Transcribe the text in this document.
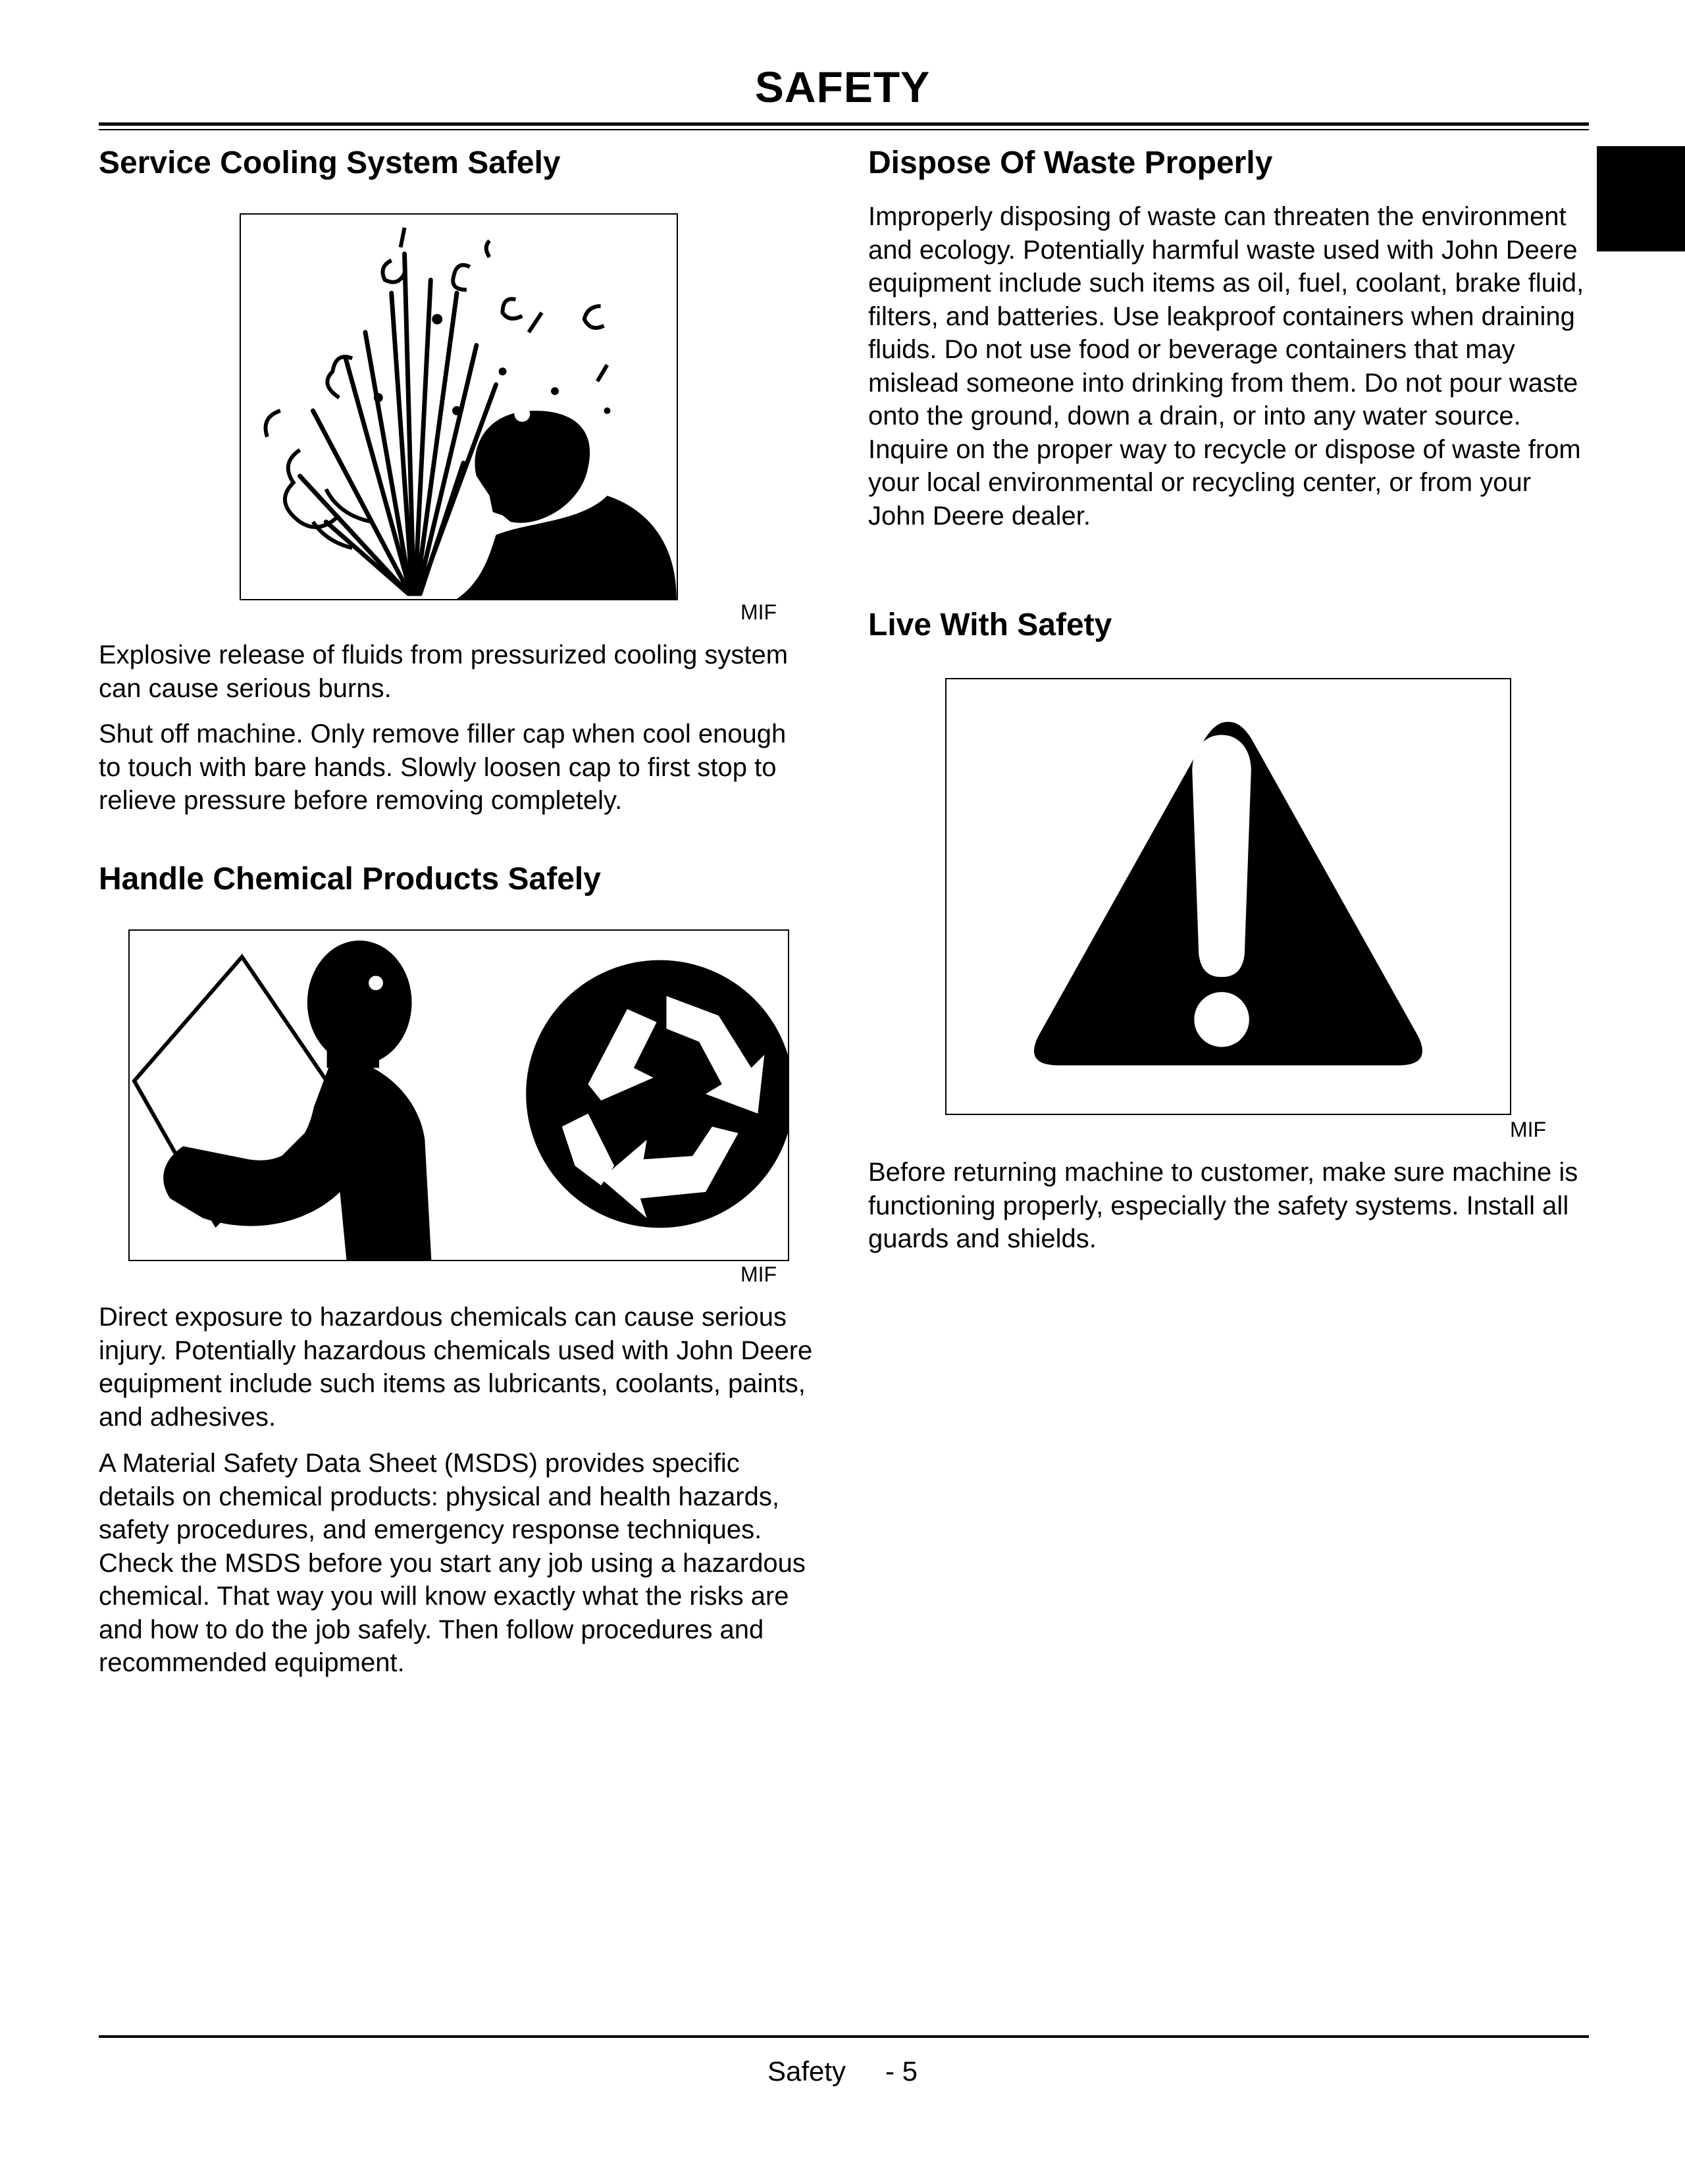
SAFETY
Service Cooling System Safely
MIF

Explosive release of fluids from pressurized cooling system can cause serious burns.

Shut off machine. Only remove filler cap when cool enough to touch with bare hands. Slowly loosen cap to first stop to relieve pressure before removing completely.

Handle Chemical Products Safely
MIF

Direct exposure to hazardous chemicals can cause serious injury. Potentially hazardous chemicals used with John Deere equipment include such items as lubricants, coolants, paints, and adhesives.

A Material Safety Data Sheet (MSDS) provides specific details on chemical products: physical and health hazards, safety procedures, and emergency response techniques. Check the MSDS before you start any job using a hazardous chemical. That way you will know exactly what the risks are and how to do the job safely. Then follow procedures and recommended equipment.

Dispose Of Waste Properly

Improperly disposing of waste can threaten the environment and ecology. Potentially harmful waste used with John Deere equipment include such items as oil, fuel, coolant, brake fluid, filters, and batteries. Use leakproof containers when draining fluids. Do not use food or beverage containers that may mislead someone into drinking from them. Do not pour waste onto the ground, down a drain, or into any water source. Inquire on the proper way to recycle or dispose of waste from your local environmental or recycling center, or from your John Deere dealer.

Live With Safety
MIF

Before returning machine to customer, make sure machine is functioning properly, especially the safety systems. Install all guards and shields.

Safety - 5
